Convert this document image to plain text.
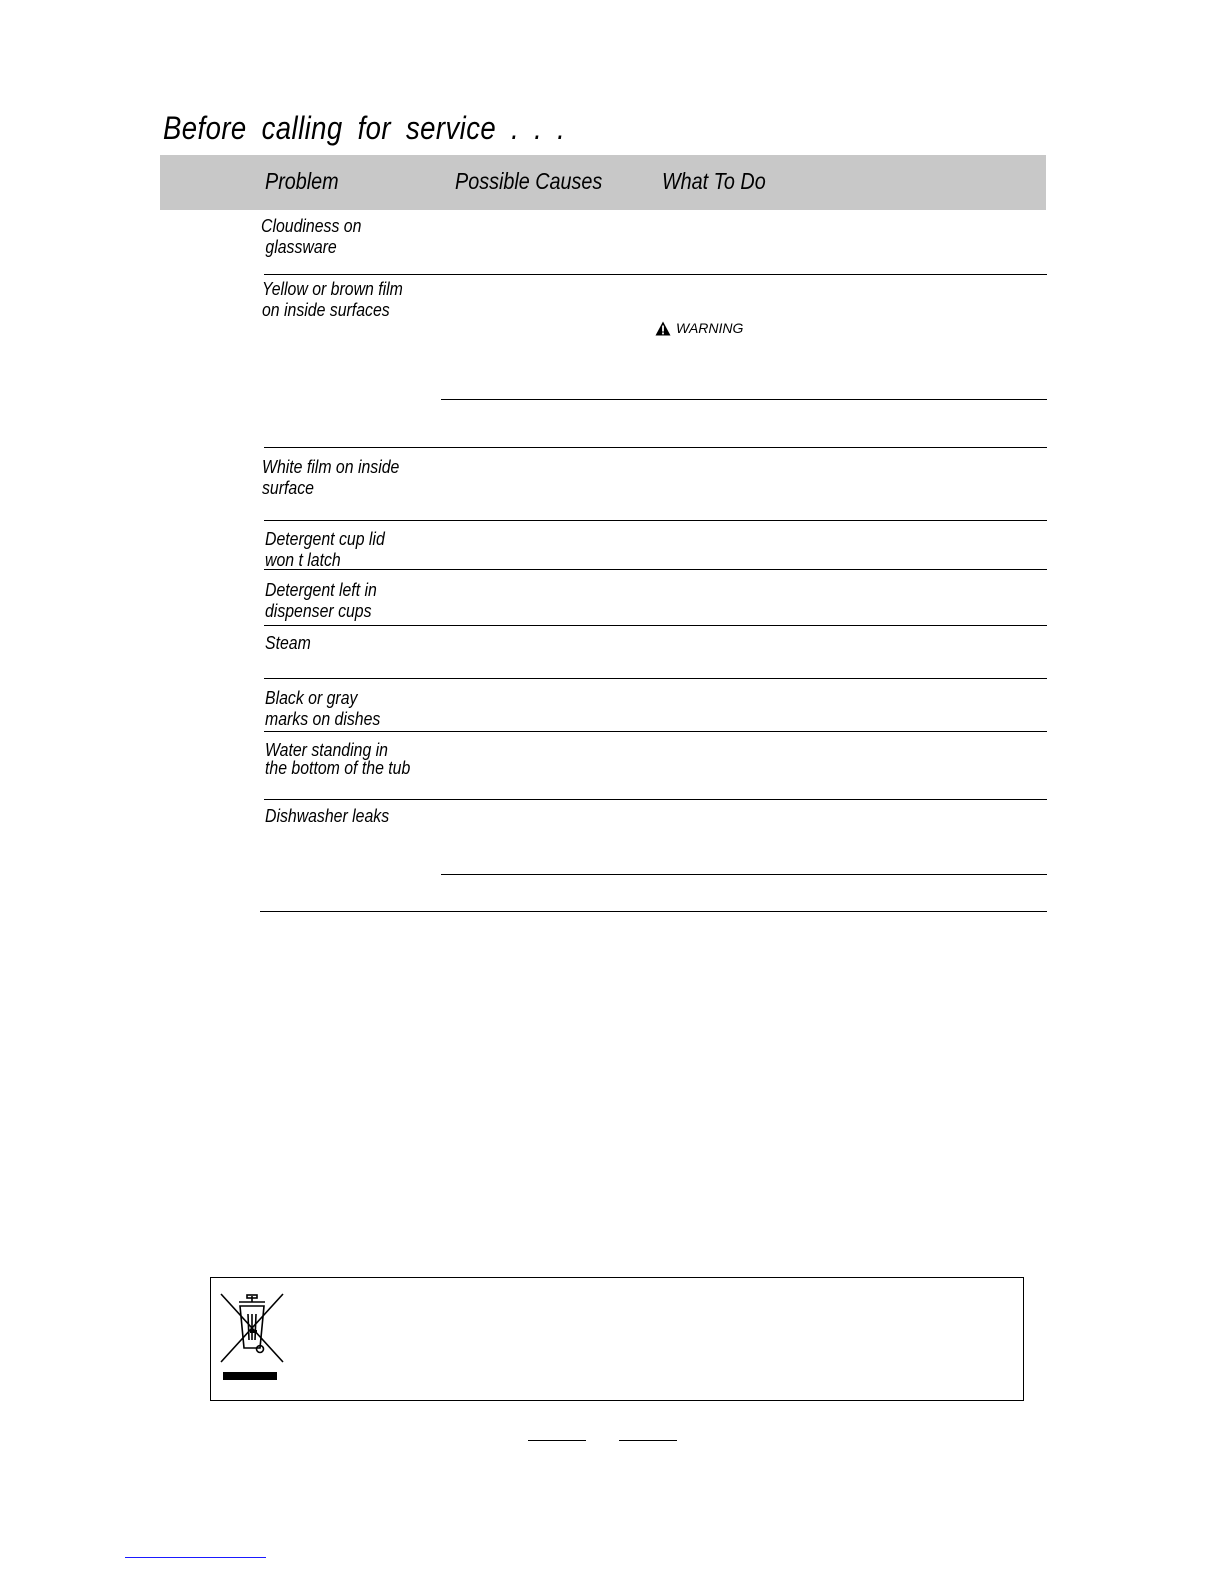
Before calling for service . . .
Problem	Possible Causes	What To Do
Cloudiness on
glassware
Yellow or brown film
on inside surfaces
WARNING
White film on inside
surface
Detergent cup lid
won t latch
Detergent left in
dispenser cups
Steam
Black or gray
marks on dishes
Water standing in
the bottom of the tub
Dishwasher leaks
